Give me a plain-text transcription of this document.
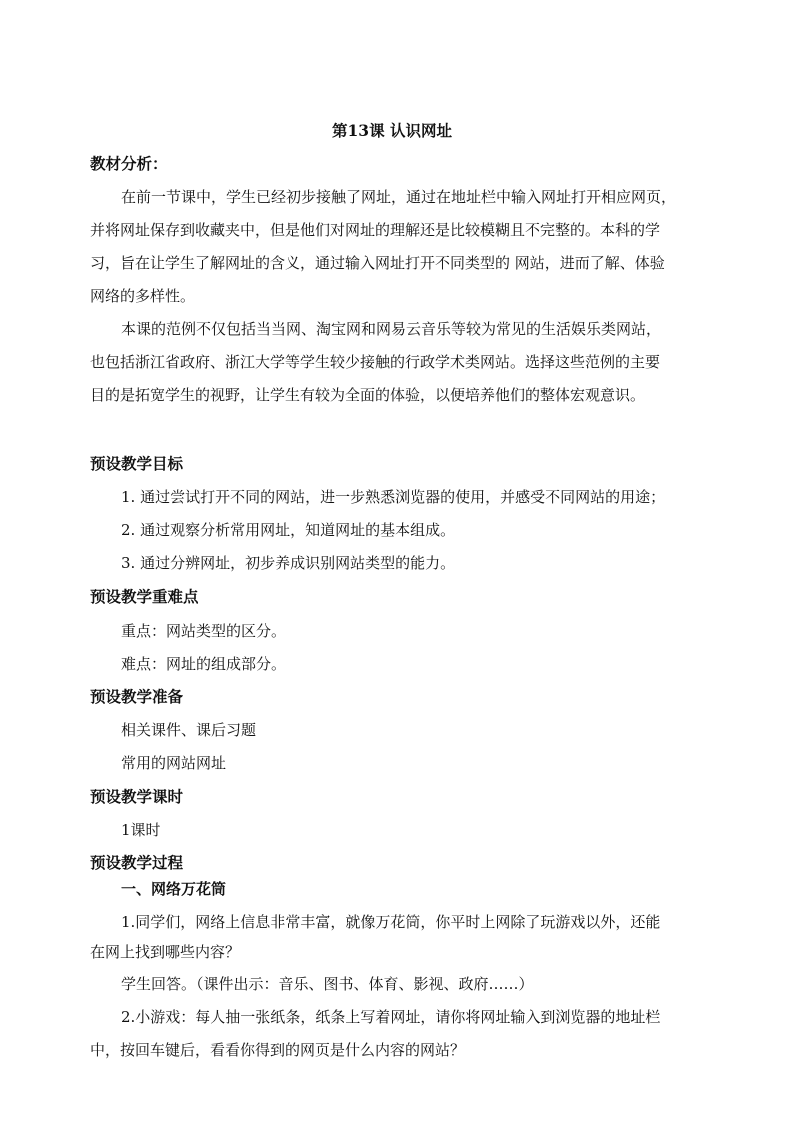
第13课 认识网址
教材分析：
在前一节课中，学生已经初步接触了网址，通过在地址栏中输入网址打开相应网页，
并将网址保存到收藏夹中，但是他们对网址的理解还是比较模糊且不完整的。本科的学
习，旨在让学生了解网址的含义，通过输入网址打开不同类型的 网站，进而了解、体验
网络的多样性。
本课的范例不仅包括当当网、淘宝网和网易云音乐等较为常见的生活娱乐类网站，
也包括浙江省政府、浙江大学等学生较少接触的行政学术类网站。选择这些范例的主要
目的是拓宽学生的视野，让学生有较为全面的体验，以便培养他们的整体宏观意识。
预设教学目标
1. 通过尝试打开不同的网站，进一步熟悉浏览器的使用，并感受不同网站的用途；
2. 通过观察分析常用网址，知道网址的基本组成。
3. 通过分辨网址，初步养成识别网站类型的能力。
预设教学重难点
重点：网站类型的区分。
难点：网址的组成部分。
预设教学准备
相关课件、课后习题
常用的网站网址
预设教学课时
1课时
预设教学过程
一、网络万花筒
1.同学们，网络上信息非常丰富，就像万花筒，你平时上网除了玩游戏以外，还能
在网上找到哪些内容？
学生回答。（课件出示：音乐、图书、体育、影视、政府……）
2.小游戏：每人抽一张纸条，纸条上写着网址，请你将网址输入到浏览器的地址栏
中，按回车键后，看看你得到的网页是什么内容的网站？
